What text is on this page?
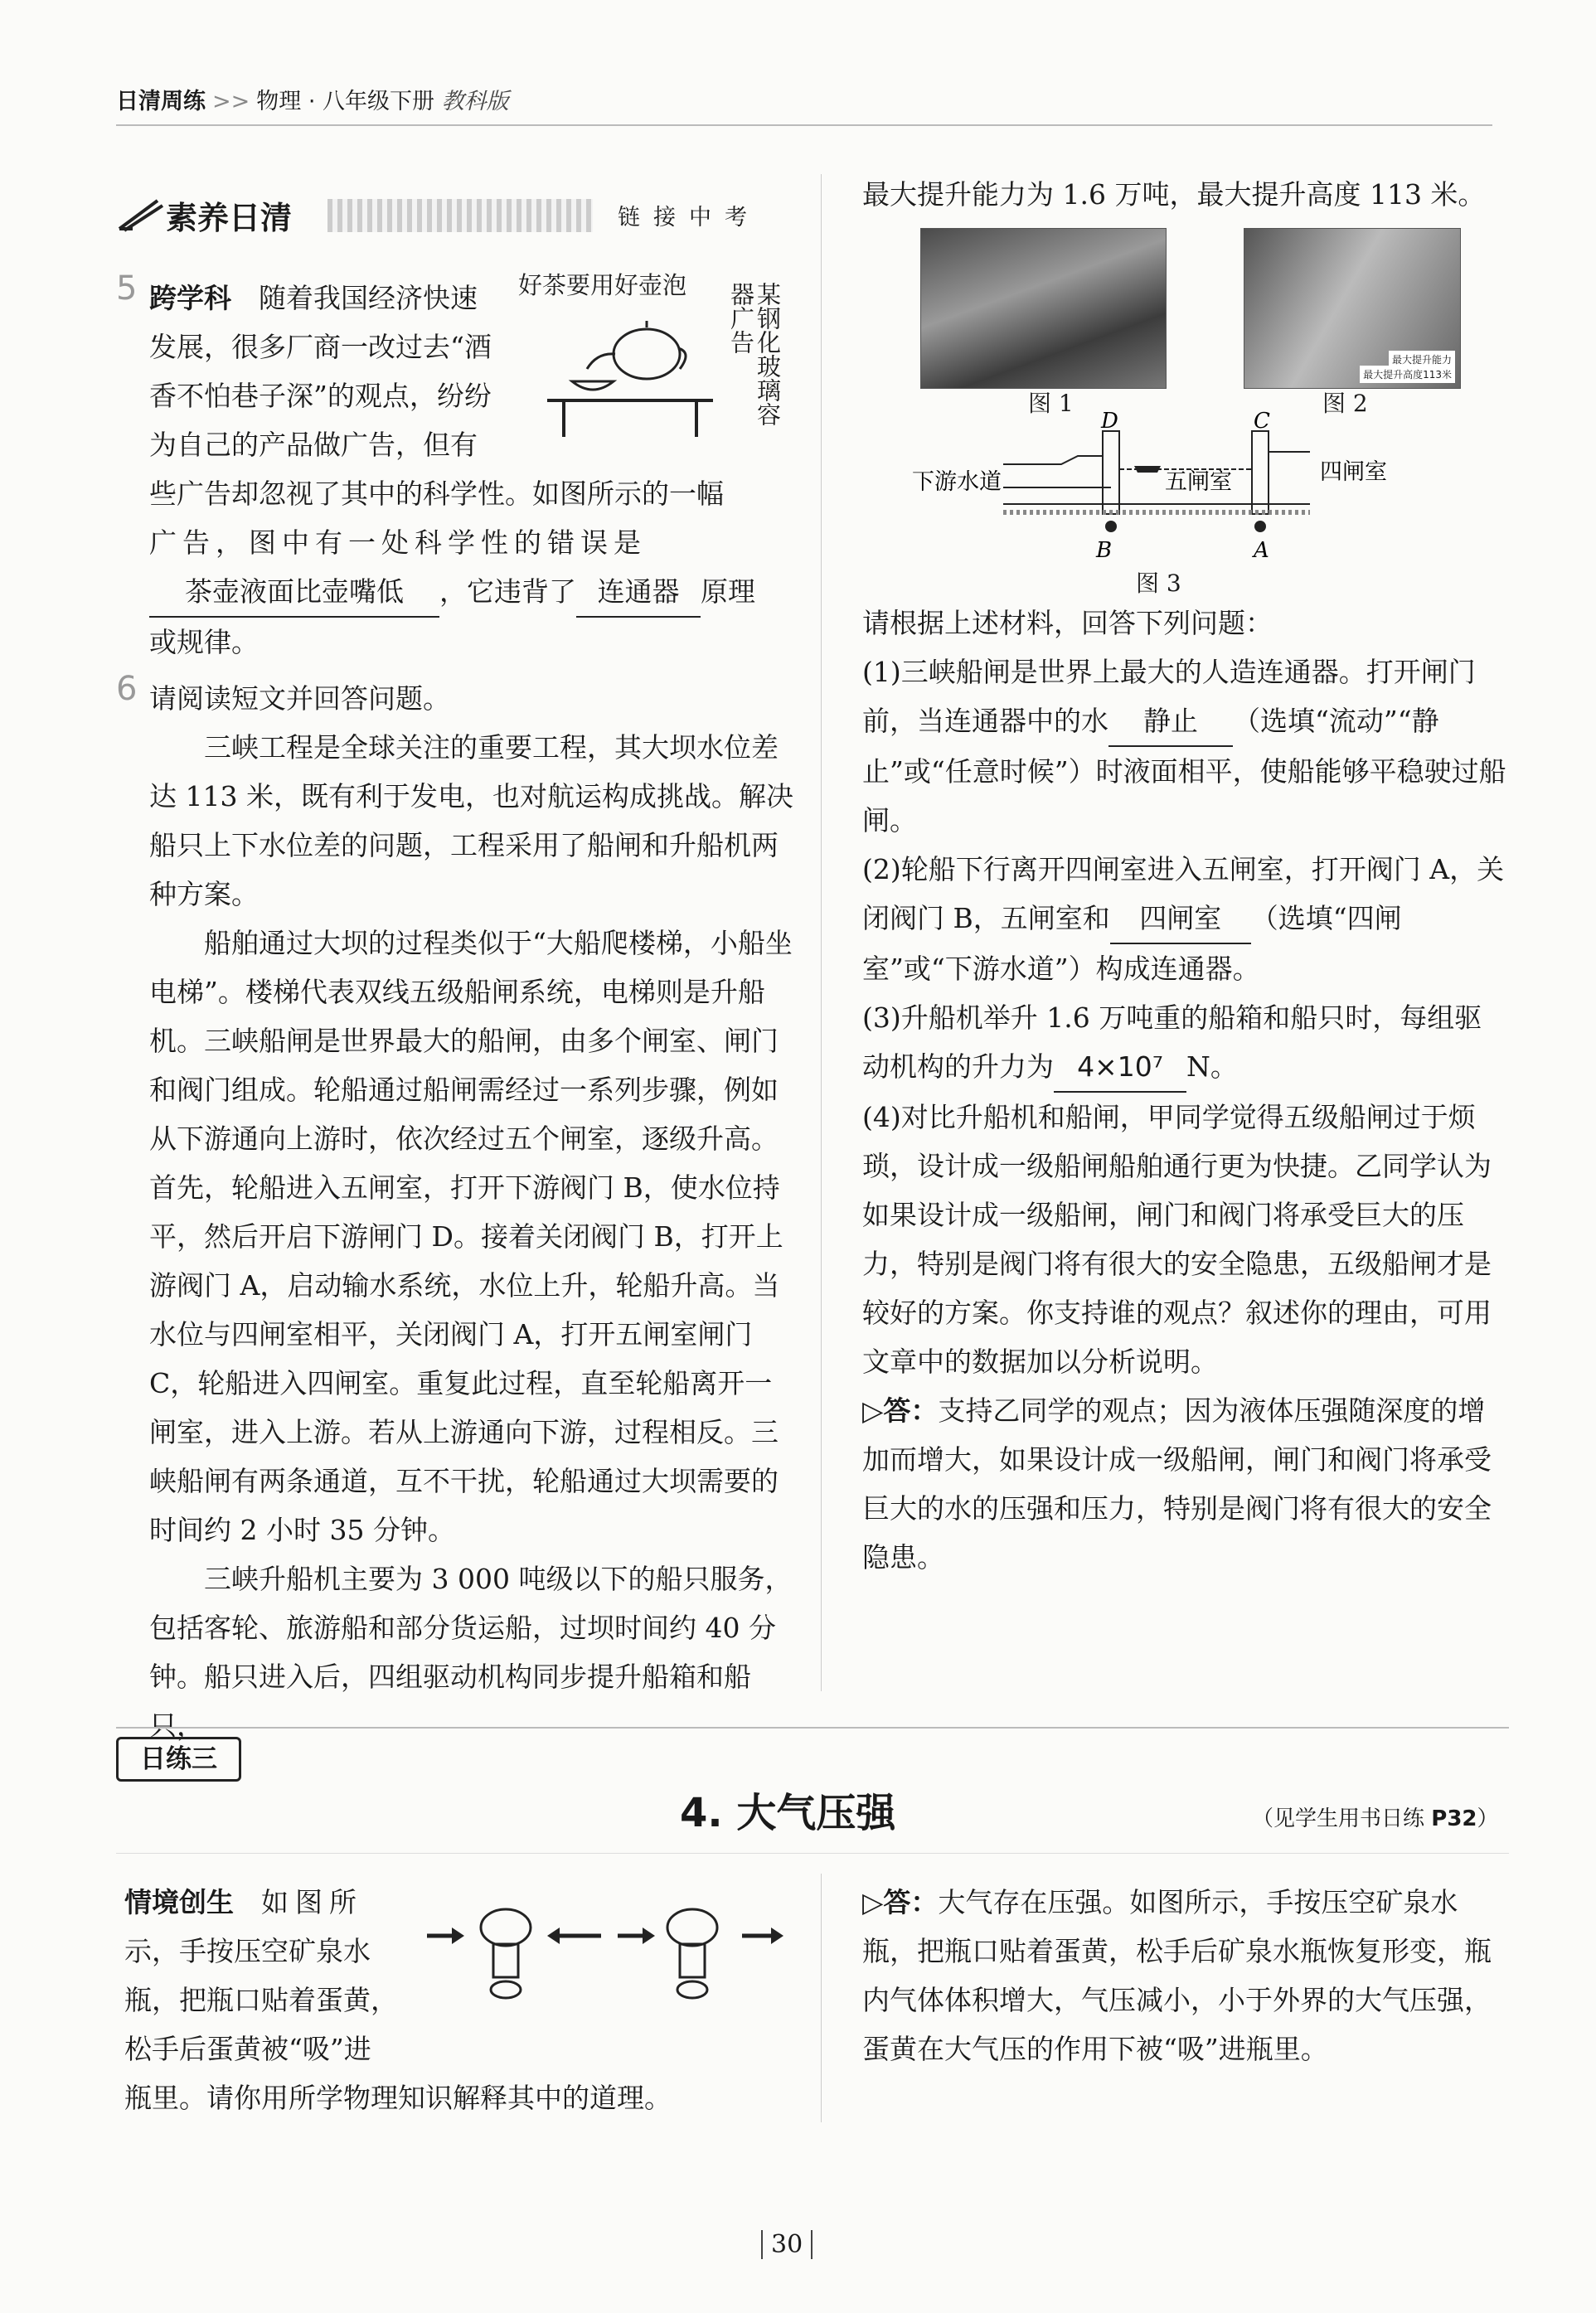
日清周练 >> 物理 · 八年级下册 教科版
素养日清	链接中考
5 跨学科　 随着我国经济快速

发展，很多厂商一改过去“酒

香不怕巷子深”的观点，纷纷

为自己的产品做广告，但有

好茶要用好壶泡	某钢化玻璃容器广告

些广告却忽视了其中的科学性。如图所示的一幅

广告，图中有一处科学性的错误是

茶壶液面比壶嘴低 ，它违背了 连通器 原理

或规律。

6 请阅读短文并回答问题。

三峡工程是全球关注的重要工程，其大坝水位差达 113 米，既有利于发电，也对航运构成挑战。解决船只上下水位差的问题，工程采用了船闸和升船机两种方案。

船舶通过大坝的过程类似于“大船爬楼梯，小船坐电梯”。楼梯代表双线五级船闸系统，电梯则是升船机。三峡船闸是世界最大的船闸，由多个闸室、闸门和阀门组成。轮船通过船闸需经过一系列步骤，例如从下游通向上游时，依次经过五个闸室，逐级升高。首先，轮船进入五闸室，打开下游阀门 B，使水位持平，然后开启下游闸门 D。接着关闭阀门 B，打开上游阀门 A，启动输水系统，水位上升，轮船升高。当水位与四闸室相平，关闭阀门 A，打开五闸室闸门 C，轮船进入四闸室。重复此过程，直至轮船离开一闸室，进入上游。若从上游通向下游，过程相反。三峡船闸有两条通道，互不干扰，轮船通过大坝需要的时间约 2 小时 35 分钟。

三峡升船机主要为 3 000 吨级以下的船只服务，包括客轮、旅游船和部分货运船，过坝时间约 40 分钟。船只进入后，四组驱动机构同步提升船箱和船只，

最大提升能力为 1.6 万吨，最大提升高度 113 米。
图 1
最大提升能力
最大提升高度113米
图 2
D	C
B	A
下游水道	五闸室	四闸室
图 3

请根据上述材料，回答下列问题：

(1)三峡船闸是世界上最大的人造连通器。打开闸门前，当连通器中的水 静止 （选填“流动”“静止”或“任意时候”）时液面相平，使船能够平稳驶过船闸。

(2)轮船下行离开四闸室进入五闸室，打开阀门 A，关闭阀门 B，五闸室和 四闸室 （选填“四闸室”或“下游水道”）构成连通器。

(3)升船机举升 1.6 万吨重的船箱和船只时，每组驱动机构的升力为 4×10⁷ N。

(4)对比升船机和船闸，甲同学觉得五级船闸过于烦琐，设计成一级船闸船舶通行更为快捷。乙同学认为如果设计成一级船闸，闸门和阀门将承受巨大的压力，特别是阀门将有很大的安全隐患，五级船闸才是较好的方案。你支持谁的观点？叙述你的理由，可用文章中的数据加以分析说明。

▷答：支持乙同学的观点；因为液体压强随深度的增加而增大，如果设计成一级船闸，闸门和阀门将承受巨大的水的压强和压力，特别是阀门将有很大的安全隐患。

日练三
4. 大气压强	（见学生用书日练 P32）

情境创生　 如图所

示，手按压空矿泉水

瓶，把瓶口贴着蛋黄，

松手后蛋黄被“吸”进

瓶里。请你用所学物理知识解释其中的道理。

▷答：大气存在压强。如图所示，手按压空矿泉水瓶，把瓶口贴着蛋黄，松手后矿泉水瓶恢复形变，瓶内气体体积增大，气压减小，小于外界的大气压强，蛋黄在大气压的作用下被“吸”进瓶里。

30
